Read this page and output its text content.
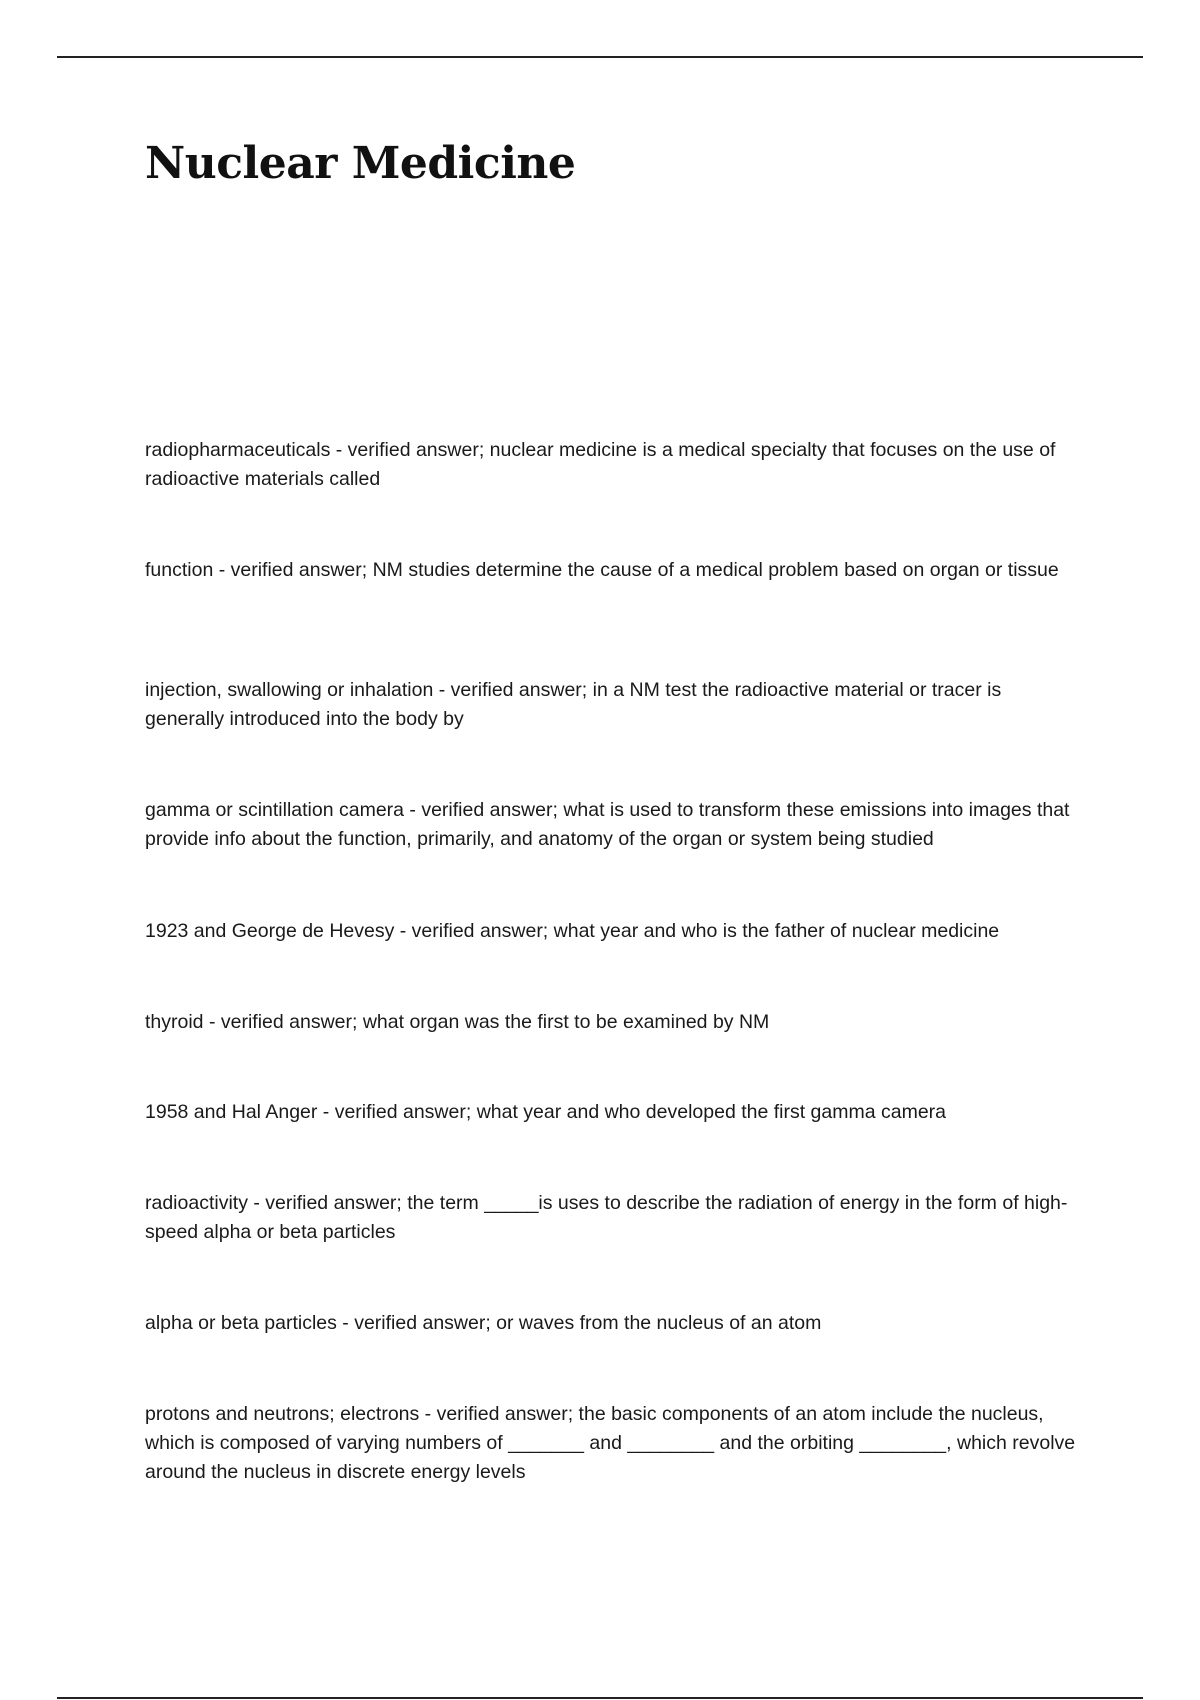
Nuclear Medicine
radiopharmaceuticals - verified answer; nuclear medicine is a medical specialty that focuses on the use of radioactive materials called
function - verified answer; NM studies determine the cause of a medical problem based on organ or tissue
injection, swallowing or inhalation - verified answer; in a NM test the radioactive material or tracer is generally introduced into the body by
gamma or scintillation camera - verified answer; what is used to transform these emissions into images that provide info about the function, primarily, and anatomy of the organ or system being studied
1923 and George de Hevesy - verified answer; what year and who is the father of nuclear medicine
thyroid - verified answer; what organ was the first to be examined by NM
1958 and Hal Anger - verified answer; what year and who developed the first gamma camera
radioactivity - verified answer; the term _____is uses to describe the radiation of energy in the form of high-speed alpha or beta particles
alpha or beta particles - verified answer; or waves from the nucleus of an atom
protons and neutrons; electrons - verified answer; the basic components of an atom include the nucleus, which is composed of varying numbers of _______ and ________ and the orbiting ________, which revolve around the nucleus in discrete energy levels
